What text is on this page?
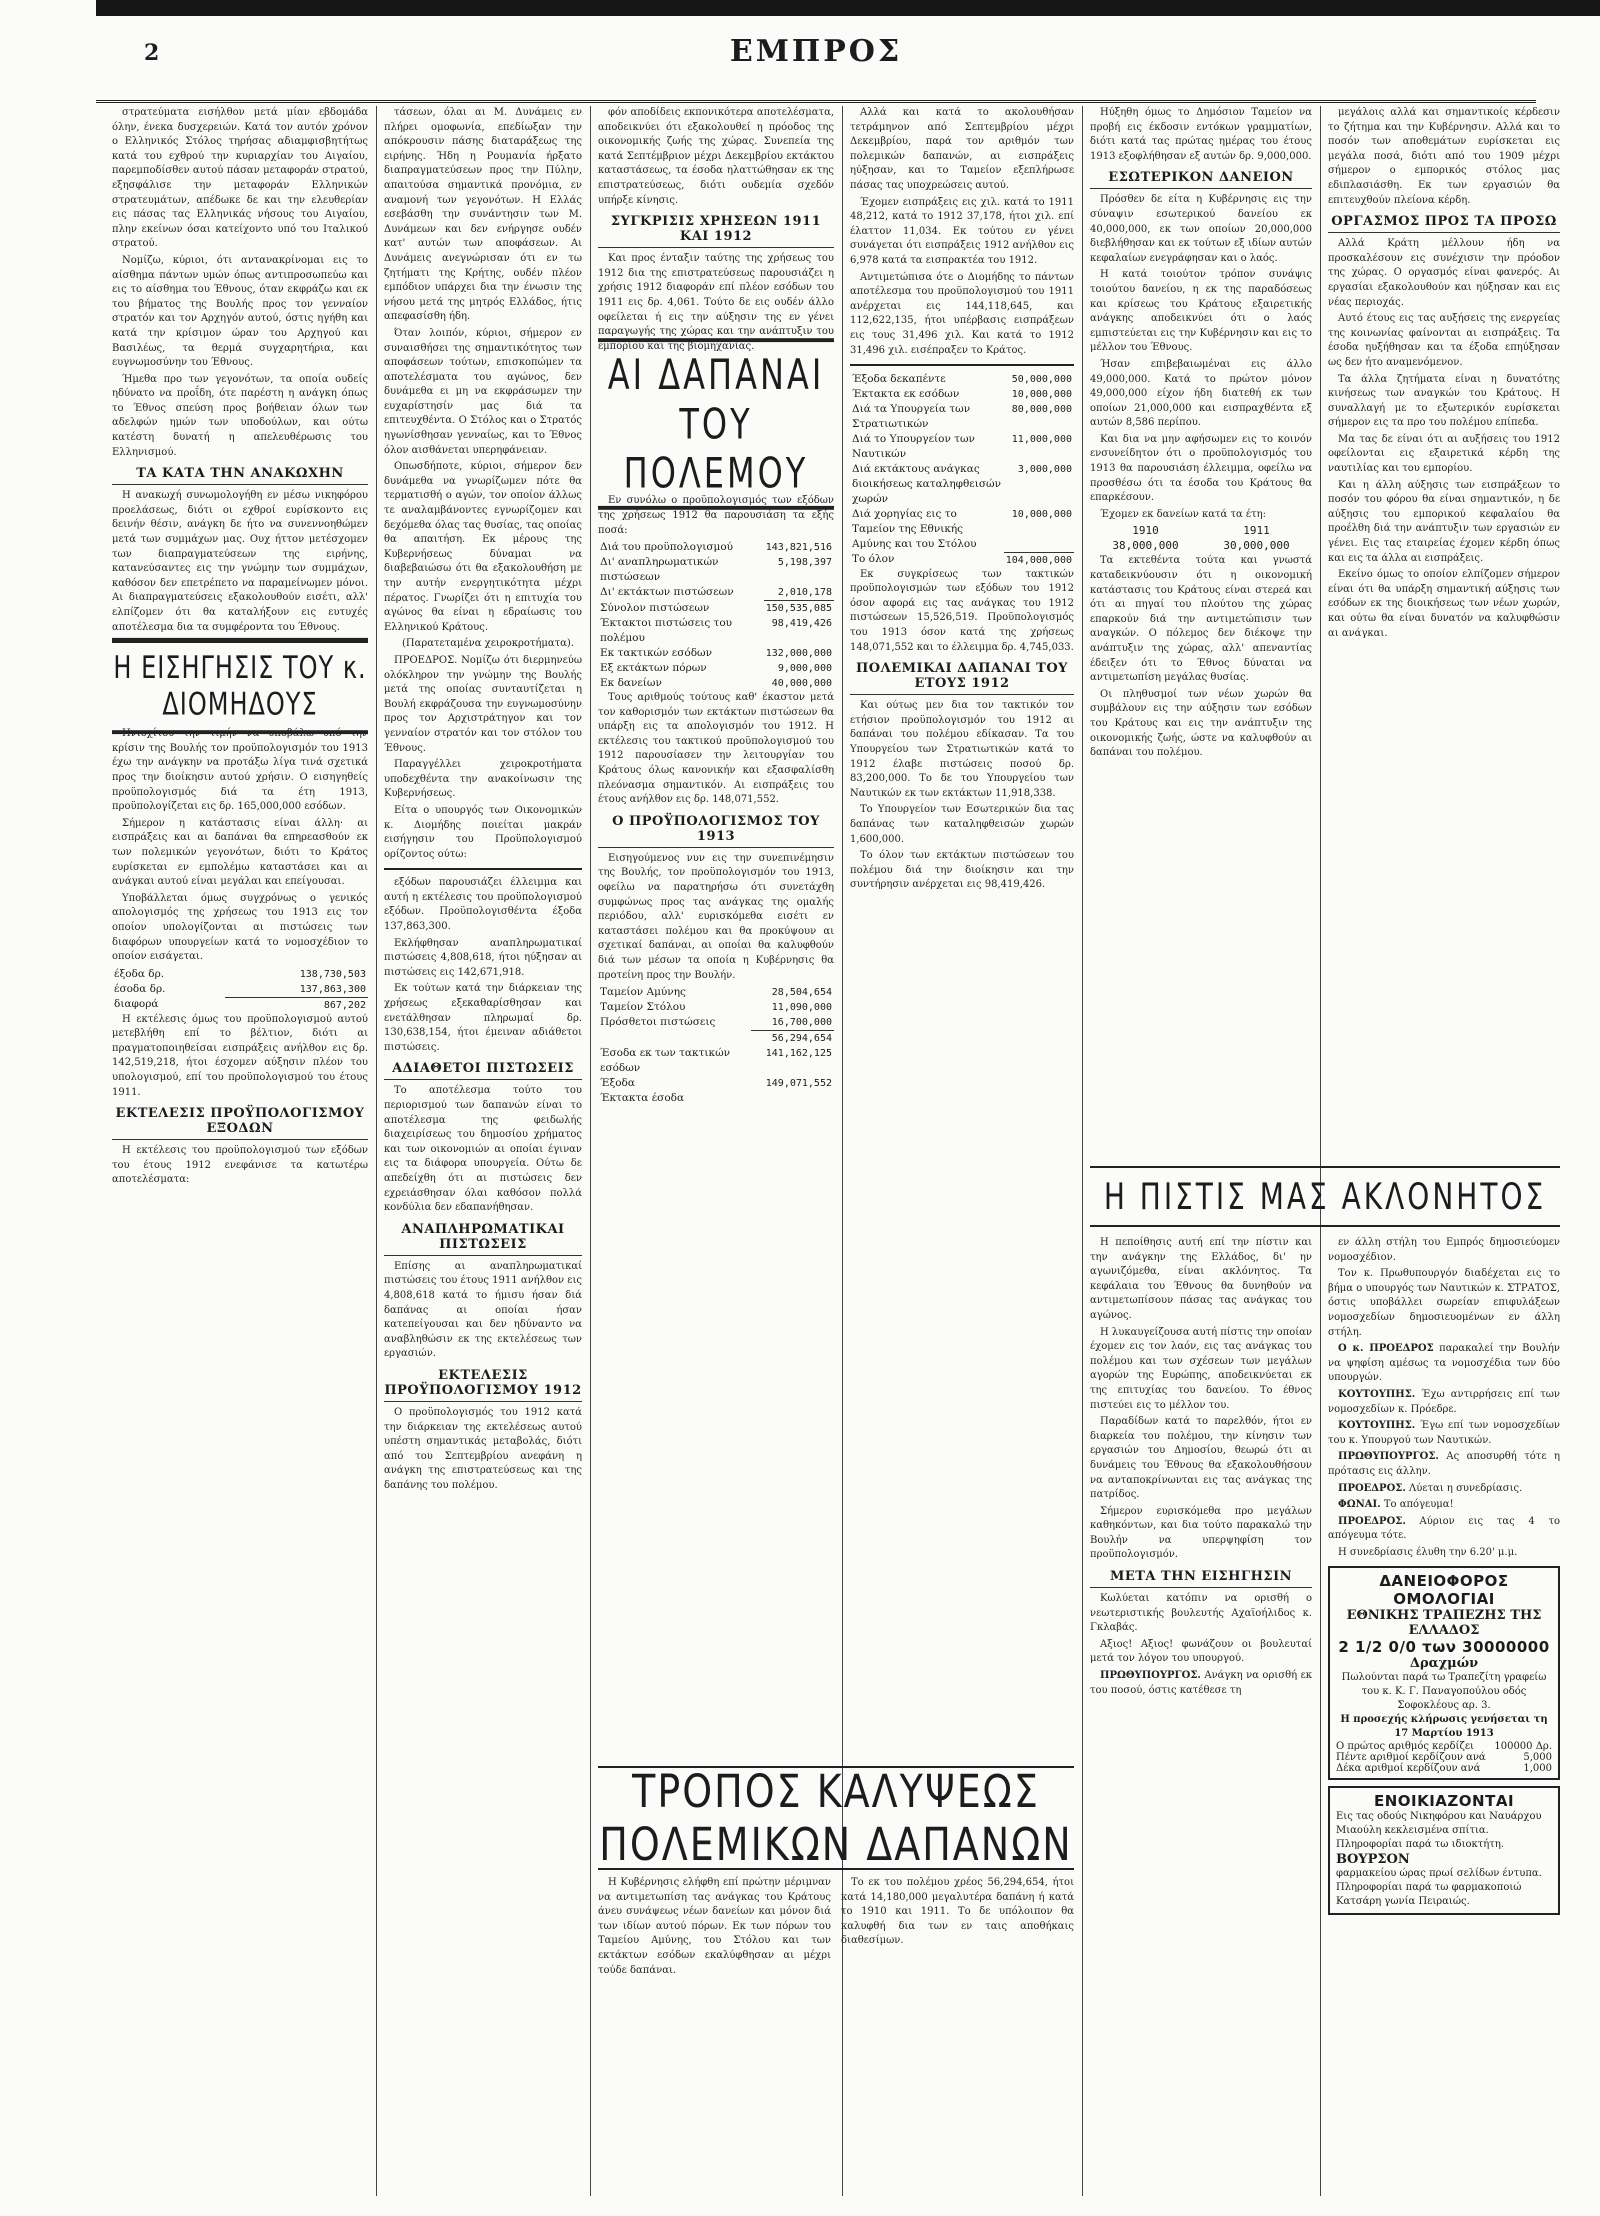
2	ΕΜΠΡΟΣ

στρατεύματα εισήλθον μετά μίαν εβδομάδα όλην, ένεκα δυσχερειών. Κατά τον αυτόν χρόνον ο Ελληνικός Στόλος τηρήσας αδιαμφισβητήτως κατά του εχθρού την κυριαρχίαν του Αιγαίου, παρεμποδίσθεν αυτού πάσαν μεταφοράν στρατού, εξησφάλισε την μεταφοράν Ελληνικών στρατευμάτων, απέδωκε δε και την ελευθερίαν εις πάσας τας Ελληνικάς νήσους του Αιγαίου, πλην εκείνων όσαι κατείχοντο υπό του Ιταλικού στρατού.

Νομίζω, κύριοι, ότι αντανακρίνομαι εις το αίσθημα πάντων υμών όπως αντιπροσωπεύω και εις το αίσθημα του Έθνους, όταν εκφράζω και εκ του βήματος της Βουλής προς τον γενναίον στρατόν και τον Αρχηγόν αυτού, όστις ηγήθη και κατά την κρίσιμον ώραν του Αρχηγού και Βασιλέως, τα θερμά συγχαρητήρια, και ευγνωμοσύνην του Έθνους.

Ήμεθα προ των γεγονότων, τα οποία ουδείς ηδύνατο να προΐδη, ότε παρέστη η ανάγκη όπως το Έθνος σπεύση προς βοήθειαν όλων των αδελφών ημών των υποδούλων, και ούτω κατέστη δυνατή η απελευθέρωσις του Ελληνισμού.

ΤΑ ΚΑΤΑ ΤΗΝ ΑΝΑΚΩΧΗΝ

Η ανακωχή συνωμολογήθη εν μέσω νικηφόρου προελάσεως, διότι οι εχθροί ευρίσκοντο εις δεινήν θέσιν, ανάγκη δε ήτο να συνεννοηθώμεν μετά των συμμάχων μας. Ουχ ήττον μετέσχομεν των διαπραγματεύσεων της ειρήνης, κατανεύσαντες εις την γνώμην των συμμάχων, καθόσον δεν επετρέπετο να παραμείνωμεν μόνοι. Αι διαπραγματεύσεις εξακολουθούν εισέτι, αλλ' ελπίζομεν ότι θα καταλήξουν εις ευτυχές αποτέλεσμα δια τα συμφέροντα του Έθνους.

Η ΕΙΣΗΓΗΣΙΣ ΤΟΥ κ. ΔΙΟΜΗΔΟΥΣ

Ηνιοχίτου την τιμήν να υποβάλω υπό την κρίσιν της Βουλής τον προϋπολογισμόν του 1913 έχω την ανάγκην να προτάξω λίγα τινά σχετικά προς την διοίκησιν αυτού χρήσιν. Ο εισηγηθείς προϋπολογισμός διά τα έτη 1913, προϋπολογίζεται εις δρ. 165,000,000 εσόδων.

Σήμερον η κατάστασις είναι άλλη· αι εισπράξεις και αι δαπάναι θα επηρεασθούν εκ των πολεμικών γεγονότων, διότι το Κράτος ευρίσκεται εν εμπολέμω καταστάσει και αι ανάγκαι αυτού είναι μεγάλαι και επείγουσαι.

Υποβάλλεται όμως συγχρόνως ο γενικός απολογισμός της χρήσεως του 1913 εις τον οποίον υπολογίζονται αι πιστώσεις των διαφόρων υπουργείων κατά το νομοσχέδιον το οποίον εισάγεται.

έξοδα δρ.	138,730,503
έσοδα δρ.	137,863,300
διαφορά	867,202

Η εκτέλεσις όμως του προϋπολογισμού αυτού μετεβλήθη επί το βέλτιον, διότι αι πραγματοποιηθείσαι εισπράξεις ανήλθον εις δρ. 142,519,218, ήτοι έσχομεν αύξησιν πλέον του υπολογισμού, επί του προϋπολογισμού του έτους 1911.

ΕΚΤΕΛΕΣΙΣ ΠΡΟΫΠΟΛΟΓΙΣΜΟΥ ΕΞΟΔΩΝ

Η εκτέλεσις του προϋπολογισμού των εξόδων του έτους 1912 ενεφάνισε τα κατωτέρω αποτελέσματα:

τάσεων, όλαι αι Μ. Δυνάμεις εν πλήρει ομοφωνία, επεδίωξαν την απόκρουσιν πάσης διαταράξεως της ειρήνης. Ήδη η Ρουμανία ήρξατο διαπραγματεύσεων προς την Πύλην, απαιτούσα σημαντικά προνόμια, εν αναμονή των γεγονότων. Η Ελλάς εσεβάσθη την συνάντησιν των Μ. Δυνάμεων και δεν ενήργησε ουδέν κατ' αυτών των αποφάσεων. Αι Δυνάμεις ανεγνώρισαν ότι εν τω ζητήματι της Κρήτης, ουδέν πλέον εμπόδιον υπάρχει δια την ένωσιν της νήσου μετά της μητρός Ελλάδος, ήτις απεφασίσθη ήδη.

Όταν λοιπόν, κύριοι, σήμερον εν συναισθήσει της σημαντικότητος των αποφάσεων τούτων, επισκοπώμεν τα αποτελέσματα του αγώνος, δεν δυνάμεθα ει μη να εκφράσωμεν την ευχαρίστησίν μας διά τα επιτευχθέντα. Ο Στόλος και ο Στρατός ηγωνίσθησαν γενναίως, και το Έθνος όλον αισθάνεται υπερηφάνειαν.

Οπωσδήποτε, κύριοι, σήμερον δεν δυνάμεθα να γνωρίζωμεν πότε θα τερματισθή ο αγών, τον οποίον άλλως τε αναλαμβάνοντες εγνωρίζομεν και δεχόμεθα όλας τας θυσίας, τας οποίας θα απαιτήση. Εκ μέρους της Κυβερνήσεως δύναμαι να διαβεβαιώσω ότι θα εξακολουθήση με την αυτήν ενεργητικότητα μέχρι πέρατος. Γνωρίζει ότι η επιτυχία του αγώνος θα είναι η εδραίωσις του Ελληνικού Κράτους.

(Παρατεταμένα χειροκροτήματα).

ΠΡΟΕΔΡΟΣ. Νομίζω ότι διερμηνεύω ολόκληρον την γνώμην της Βουλής μετά της οποίας συνταυτίζεται η Βουλή εκφράζουσα την ευγνωμοσύνην προς τον Αρχιστράτηγον και τον γενναίον στρατόν και τον στόλον του Έθνους.

Παραγγέλλει χειροκροτήματα υποδεχθέντα την ανακοίνωσιν της Κυβερνήσεως.

Είτα ο υπουργός των Οικονομικών κ. Διομήδης ποιείται μακράν εισήγησιν του Προϋπολογισμού ορίζοντος ούτω:

εξόδων παρουσιάζει έλλειμμα και αυτή η εκτέλεσις του προϋπολογισμού εξόδων. Προϋπολογισθέντα έξοδα 137,863,300.

Εκλήφθησαν αναπληρωματικαί πιστώσεις 4,808,618, ήτοι ηύξησαν αι πιστώσεις εις 142,671,918.

Εκ τούτων κατά την διάρκειαν της χρήσεως εξεκαθαρίσθησαν και ενετάλθησαν πληρωμαί δρ. 130,638,154, ήτοι έμειναν αδιάθετοι πιστώσεις.

ΑΔΙΑΘΕΤΟΙ ΠΙΣΤΩΣΕΙΣ

Το αποτέλεσμα τούτο του περιορισμού των δαπανών είναι το αποτέλεσμα της φειδωλής διαχειρίσεως του δημοσίου χρήματος και των οικονομιών αι οποίαι έγιναν εις τα διάφορα υπουργεία. Ούτω δε απεδείχθη ότι αι πιστώσεις δεν εχρειάσθησαν όλαι καθόσον πολλά κονδύλια δεν εδαπανήθησαν.

ΑΝΑΠΛΗΡΩΜΑΤΙΚΑΙ ΠΙΣΤΩΣΕΙΣ

Επίσης αι αναπληρωματικαί πιστώσεις του έτους 1911 ανήλθον εις 4,808,618 κατά το ήμισυ ήσαν διά δαπάνας αι οποίαι ήσαν κατεπείγουσαι και δεν ηδύναντο να αναβληθώσιν εκ της εκτελέσεως των εργασιών.

ΕΚΤΕΛΕΣΙΣ ΠΡΟΫΠΟΛΟΓΙΣΜΟΥ 1912

Ο προϋπολογισμός του 1912 κατά την διάρκειαν της εκτελέσεως αυτού υπέστη σημαντικάς μεταβολάς, διότι από του Σεπτεμβρίου ανεφάνη η ανάγκη της επιστρατεύσεως και της δαπάνης του πολέμου.

φόν αποδίδεις εκπονικότερα αποτελέσματα, αποδεικνύει ότι εξακολουθεί η πρόοδος της οικονομικής ζωής της χώρας. Συνεπεία της κατά Σεπτέμβριον μέχρι Δεκεμβρίου εκτάκτου καταστάσεως, τα έσοδα ηλαττώθησαν εκ της επιστρατεύσεως, διότι ουδεμία σχεδόν υπήρξε κίνησις.

ΣΥΓΚΡΙΣΙΣ ΧΡΗΣΕΩΝ 1911 ΚΑΙ 1912

Και προς ένταξιν ταύτης της χρήσεως του 1912 δια της επιστρατεύσεως παρουσιάζει η χρήσις 1912 διαφοράν επί πλέον εσόδων του 1911 εις δρ. 4,061. Τούτο δε εις ουδέν άλλο οφείλεται ή εις την αύξησιν της εν γένει παραγωγής της χώρας και την ανάπτυξιν του εμπορίου και της βιομηχανίας.

ΑΙ ΔΑΠΑΝΑΙ ΤΟΥ ΠΟΛΕΜΟΥ

Εν συνόλω ο προϋπολογισμός των εξόδων της χρήσεως 1912 θα παρουσιάση τα εξής ποσά:

Διά του προϋπολογισμού	143,821,516
Δι' αναπληρωματικών πιστώσεων	5,198,397
Δι' εκτάκτων πιστώσεων	2,010,178
Σύνολον πιστώσεων	150,535,085
Έκτακτοι πιστώσεις του πολέμου	98,419,426
Εκ τακτικών εσόδων	132,000,000
Εξ εκτάκτων πόρων	9,000,000
Εκ δανείων	40,000,000

Τους αριθμούς τούτους καθ' έκαστον μετά τον καθορισμόν των εκτάκτων πιστώσεων θα υπάρξη εις τα απολογισμόν του 1912. Η εκτέλεσις του τακτικού προϋπολογισμού του 1912 παρουσίασεν την λειτουργίαν του Κράτους όλως κανονικήν και εξασφαλίσθη πλεόνασμα σημαντικόν. Αι εισπράξεις του έτους ανήλθον εις δρ. 148,071,552.

Ο ΠΡΟΫΠΟΛΟΓΙΣΜΟΣ ΤΟΥ 1913

Εισηγούμενος νυν εις την συνεπινέμησιν της Βουλής, τον προϋπολογισμόν του 1913, οφείλω να παρατηρήσω ότι συνετάχθη συμφώνως προς τας ανάγκας της ομαλής περιόδου, αλλ' ευρισκόμεθα εισέτι εν καταστάσει πολέμου και θα προκύψουν αι σχετικαί δαπάναι, αι οποίαι θα καλυφθούν διά των μέσων τα οποία η Κυβέρνησις θα προτείνη προς την Βουλήν.

Ταμείον Αμύνης	28,504,654
Ταμείον Στόλου	11,090,000
Πρόσθετοι πιστώσεις	16,700,000
	56,294,654
Έσοδα εκ των τακτικών εσόδων	141,162,125
Έξοδα	149,071,552
Έκτακτα έσοδα	

Αλλά και κατά το ακολουθήσαν τετράμηνον από Σεπτεμβρίου μέχρι Δεκεμβρίου, παρά τον αριθμόν των πολεμικών δαπανών, αι εισπράξεις ηύξησαν, και το Ταμείον εξεπλήρωσε πάσας τας υποχρεώσεις αυτού.

Έχομεν εισπράξεις εις χιλ. κατά το 1911 48,212, κατά το 1912 37,178, ήτοι χιλ. επί έλαττον 11,034. Εκ τούτου εν γένει συνάγεται ότι εισπράξεις 1912 ανήλθον εις 6,978 κατά τα εισπρακτέα του 1912.

Αντιμετώπισα ότε ο Διομήδης το πάντων αποτέλεσμα του προϋπολογισμού του 1911 ανέρχεται εις 144,118,645, και 112,622,135, ήτοι υπέρβασις εισπράξεων εις τους 31,496 χιλ. Και κατά το 1912 31,496 χιλ. εισέπραξεν το Κράτος.

Έξοδα δεκαπέντε	50,000,000
Έκτακτα εκ εσόδων	10,000,000
Διά τα Υπουργεία των Στρατιωτικών	80,000,000
Διά το Υπουργείον των Ναυτικών	11,000,000
Διά εκτάκτους ανάγκας διοικήσεως καταληφθεισών χωρών	3,000,000
Διά χορηγίας εις το Ταμείον της Εθνικής Αμύνης και του Στόλου	10,000,000
Το όλον	104,000,000

Εκ συγκρίσεως των τακτικών προϋπολογισμών των εξόδων του 1912 όσον αφορά εις τας ανάγκας του 1912 πιστώσεων 15,526,519. Προϋπολογισμός του 1913 όσον κατά της χρήσεως 148,071,552 και το έλλειμμα δρ. 4,745,033.

ΠΟΛΕΜΙΚΑΙ ΔΑΠΑΝΑΙ ΤΟΥ ΕΤΟΥΣ 1912

Και ούτως μεν δια τον τακτικόν τον ετήσιον προϋπολογισμόν του 1912 αι δαπάναι του πολέμου εδίκασαν. Τα του Υπουργείου των Στρατιωτικών κατά το 1912 έλαβε πιστώσεις ποσού δρ. 83,200,000. Το δε του Υπουργείου των Ναυτικών εκ των εκτάκτων 11,918,338.

Το Υπουργείον των Εσωτερικών δια τας δαπάνας των καταληφθεισών χωρών 1,600,000.

Το όλον των εκτάκτων πιστώσεων του πολέμου διά την διοίκησιν και την συντήρησιν ανέρχεται εις 98,419,426.

ΤΡΟΠΟΣ ΚΑΛΥΨΕΩΣ ΠΟΛΕΜΙΚΩΝ ΔΑΠΑΝΩΝ

Η Κυβέρνησις ελήφθη επί πρώτην μέριμναν να αντιμετωπίση τας ανάγκας του Κράτους άνευ συνάψεως νέων δανείων και μόνον διά των ιδίων αυτού πόρων. Εκ των πόρων του Ταμείου Αμύνης, του Στόλου και των εκτάκτων εσόδων εκαλύφθησαν αι μέχρι τούδε δαπάναι.

Το εκ του πολέμου χρέος 56,294,654, ήτοι κατά 14,180,000 μεγαλυτέρα δαπάνη ή κατά το 1910 και 1911. Το δε υπόλοιπον θα καλυφθή δια των εν ταις αποθήκαις διαθεσίμων.

Ηύξηθη όμως το Δημόσιον Ταμείον να προβή εις έκδοσιν εντόκων γραμματίων, διότι κατά τας πρώτας ημέρας του έτους 1913 εξοφλήθησαν εξ αυτών δρ. 9,000,000.

ΕΣΩΤΕΡΙΚΟΝ ΔΑΝΕΙΟΝ

Πρόσθεν δε είτα η Κυβέρνησις εις την σύναψιν εσωτερικού δανείου εκ 40,000,000, εκ των οποίων 20,000,000 διεβλήθησαν και εκ τούτων εξ ιδίων αυτών κεφαλαίων ενεγράφησαν και ο λαός.

Η κατά τοιούτον τρόπον συνάψις τοιούτου δανείου, η εκ της παραδόσεως και κρίσεως του Κράτους εξαιρετικής ανάγκης αποδεικνύει ότι ο λαός εμπιστεύεται εις την Κυβέρνησιν και εις το μέλλον του Έθνους.

Ήσαν επιβεβαιωμέναι εις άλλο 49,000,000. Κατά το πρώτον μόνον 49,000,000 είχον ήδη διατεθή εκ των οποίων 21,000,000 και εισπραχθέντα εξ αυτών 8,586 περίπου.

Και δια να μην αφήσωμεν εις το κοινόν ενσυνείδητον ότι ο προϋπολογισμός του 1913 θα παρουσιάση έλλειμμα, οφείλω να προσθέσω ότι τα έσοδα του Κράτους θα επαρκέσουν.

Έχομεν εκ δανείων κατά τα έτη:

1910	1911
38,000,000	30,000,000

Τα εκτεθέντα τούτα και γνωστά καταδεικνύουσιν ότι η οικονομική κατάστασις του Κράτους είναι στερεά και ότι αι πηγαί του πλούτου της χώρας επαρκούν διά την αντιμετώπισιν των αναγκών. Ο πόλεμος δεν διέκοψε την ανάπτυξιν της χώρας, αλλ' απεναντίας έδειξεν ότι το Έθνος δύναται να αντιμετωπίση μεγάλας θυσίας.

Οι πληθυσμοί των νέων χωρών θα συμβάλουν εις την αύξησιν των εσόδων του Κράτους και εις την ανάπτυξιν της οικονομικής ζωής, ώστε να καλυφθούν αι δαπάναι του πολέμου.

Η ΠΙΣΤΙΣ ΜΑΣ ΑΚΛΟΝΗΤΟΣ

Η πεποίθησις αυτή επί την πίστιν και την ανάγκην της Ελλάδος, δι' ην αγωνιζόμεθα, είναι ακλόνητος. Τα κεφάλαια του Έθνους θα δυνηθούν να αντιμετωπίσουν πάσας τας ανάγκας του αγώνος.

Η λυκαυγείζουσα αυτή πίστις την οποίαν έχομεν εις τον λαόν, εις τας ανάγκας του πολέμου και των σχέσεων των μεγάλων αγορών της Ευρώπης, αποδεικνύεται εκ της επιτυχίας του δανείου. Το έθνος πιστεύει εις το μέλλον του.

Παραδίδων κατά το παρελθόν, ήτοι εν διαρκεία του πολέμου, την κίνησιν των εργασιών του Δημοσίου, θεωρώ ότι αι δυνάμεις του Έθνους θα εξακολουθήσουν να ανταποκρίνωνται εις τας ανάγκας της πατρίδος.

Σήμερον ευρισκόμεθα προ μεγάλων καθηκόντων, και δια τούτο παρακαλώ την Βουλήν να υπερψηφίση τον προϋπολογισμόν.

ΜΕΤΑ ΤΗΝ ΕΙΣΗΓΗΣΙΝ

Κωλύεται κατόπιν να ορισθή ο νεωτεριστικής βουλευτής Αχαϊοήλιδος κ. Γκλαβάς.

Αξιος! Αξιος! φωνάζουν οι βουλευταί μετά τον λόγον του υπουργού.

ΠΡΩΘΥΠΟΥΡΓΟΣ. Ανάγκη να ορισθή εκ του ποσού, όστις κατέθεσε τη

μεγάλοις αλλά και σημαντικοίς κέρδεσιν το ζήτημα και την Κυβέρνησιν. Αλλά και το ποσόν των αποθεμάτων ευρίσκεται εις μεγάλα ποσά, διότι από του 1909 μέχρι σήμερον ο εμπορικός στόλος μας εδιπλασιάσθη. Εκ των εργασιών θα επιτευχθούν πλείονα κέρδη.

ΟΡΓΑΣΜΟΣ ΠΡΟΣ ΤΑ ΠΡΟΣΩ

Αλλά Κράτη μέλλουν ήδη να προσκαλέσουν εις συνέχισιν την πρόοδον της χώρας. Ο οργασμός είναι φανερός. Αι εργασίαι εξακολουθούν και ηύξησαν και εις νέας περιοχάς.

Αυτό έτους εις τας αυξήσεις της ενεργείας της κοινωνίας φαίνονται αι εισπράξεις. Τα έσοδα ηυξήθησαν και τα έξοδα επηύξησαν ως δεν ήτο αναμενόμενον.

Τα άλλα ζητήματα είναι η δυνατότης κινήσεως των αναγκών του Κράτους. Η συναλλαγή με το εξωτερικόν ευρίσκεται σήμερον εις τα προ του πολέμου επίπεδα.

Μα τας δε είναι ότι αι αυξήσεις του 1912 οφείλονται εις εξαιρετικά κέρδη της ναυτιλίας και του εμπορίου.

Και η άλλη αύξησις των εισπράξεων το ποσόν του φόρου θα είναι σημαντικόν, η δε αύξησις του εμπορικού κεφαλαίου θα προέλθη διά την ανάπτυξιν των εργασιών εν γένει. Εις τας εταιρείας έχομεν κέρδη όπως και εις τα άλλα αι εισπράξεις.

Εκείνο όμως το οποίον ελπίζομεν σήμερον είναι ότι θα υπάρξη σημαντική αύξησις των εσόδων εκ της διοικήσεως των νέων χωρών, και ούτω θα είναι δυνατόν να καλυφθώσιν αι ανάγκαι.

εν άλλη στήλη του Εμπρός δημοσιεύομεν νομοσχέδιον.

Τον κ. Πρωθυπουργόν διαδέχεται εις το βήμα ο υπουργός των Ναυτικών κ. ΣΤΡΑΤΟΣ, όστις υποβάλλει σωρείαν επιφυλάξεων νομοσχεδίων δημοσιευομένων εν άλλη στήλη.

Ο κ. ΠΡΟΕΔΡΟΣ παρακαλεί την Βουλήν να ψηφίση αμέσως τα νομοσχέδια των δύο υπουργών.

ΚΟΥΤΟΥΠΗΣ. Έχω αντιρρήσεις επί των νομοσχεδίων κ. Πρόεδρε.

ΚΟΥΤΟΥΠΗΣ. Έγω επί των νομοσχεδίων του κ. Υπουργού των Ναυτικών.

ΠΡΩΘΥΠΟΥΡΓΟΣ. Ας αποσυρθή τότε η πρότασις εις άλλην.

ΠΡΟΕΔΡΟΣ. Λύεται η συνεδρίασις.

ΦΩΝΑΙ. Το απόγευμα!

ΠΡΟΕΔΡΟΣ. Αύριον εις τας 4 το απόγευμα τότε.

Η συνεδρίασις έλυθη την 6.20' μ.μ.

ΔΑΝΕΙΟΦΟΡΟΣ ΟΜΟΛΟΓΙΑΙ
ΕΘΝΙΚΗΣ ΤΡΑΠΕΖΗΣ ΤΗΣ ΕΛΛΑΔΟΣ
2 1/2 0/0 των 30000000
Δραχμών
Πωλούνται παρά τω Τραπεζίτη γραφείω του κ. Κ. Γ. Παναγοπούλου οδός Σοφοκλέους αρ. 3.
Η προσεχής κλήρωσις γενήσεται τη 17 Μαρτίου 1913
Ο πρώτος αριθμός κερδίζει 100000 Δρ.
Πέντε αριθμοί κερδίζουν ανά	5,000
Δέκα αριθμοί κερδίζουν ανά	1,000
ΕΝΟΙΚΙΑΖΟΝΤΑΙ
Εις τας οδούς Νικηφόρου και Ναυάρχου Μιαούλη κεκλεισμένα σπίτια. Πληροφορίαι παρά τω ιδιοκτήτη.
ΒΟΥΡΣΟΝ
φαρμακείου ώρας πρωί σελίδων έντυπα. Πληροφορίαι παρά τω φαρμακοποιώ Κατσάρη γωνία Πειραιώς.
